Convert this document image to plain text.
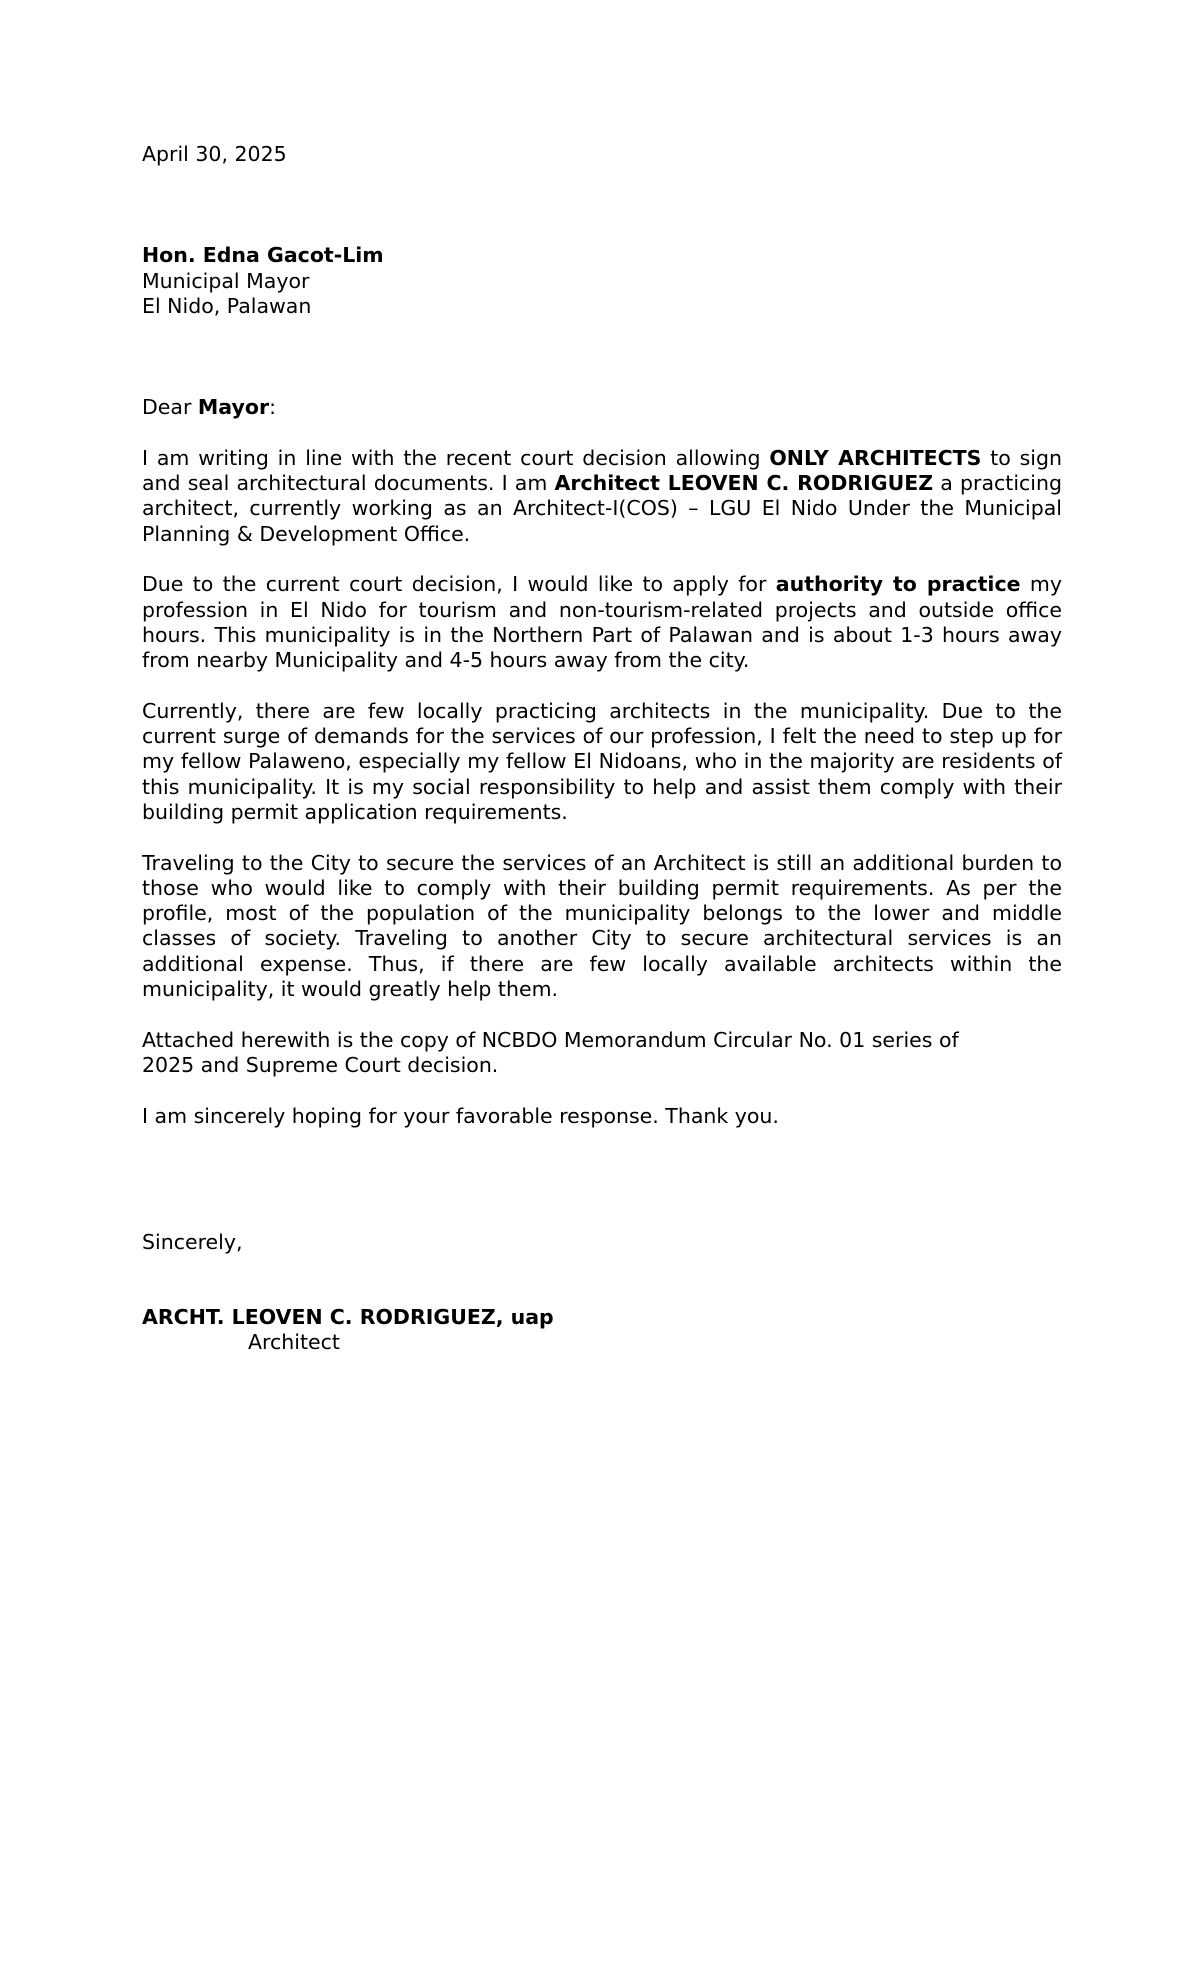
April 30, 2025
Hon. Edna Gacot-Lim
Municipal Mayor
El Nido, Palawan
Dear Mayor:

I am writing in line with the recent court decision allowing ONLY ARCHITECTS to sign and seal architectural documents. I am Architect LEOVEN C. RODRIGUEZ a practicing architect, currently working as an Architect-I(COS) – LGU El Nido Under the Municipal Planning & Development Office.

Due to the current court decision, I would like to apply for authority to practice my profession in El Nido for tourism and non-tourism-related projects and outside office hours. This municipality is in the Northern Part of Palawan and is about 1-3 hours away from nearby Municipality and 4-5 hours away from the city.

Currently, there are few locally practicing architects in the municipality. Due to the current surge of demands for the services of our profession, I felt the need to step up for my fellow Palaweno, especially my fellow El Nidoans, who in the majority are residents of this municipality. It is my social responsibility to help and assist them comply with their building permit application requirements.

Traveling to the City to secure the services of an Architect is still an additional burden to those who would like to comply with their building permit requirements. As per the profile, most of the population of the municipality belongs to the lower and middle classes of society. Traveling to another City to secure architectural services is an additional expense. Thus, if there are few locally available architects within the municipality, it would greatly help them.

Attached herewith is the copy of NCBDO Memorandum Circular No. 01 series of
2025 and Supreme Court decision.

I am sincerely hoping for your favorable response. Thank you.

Sincerely,
ARCHT. LEOVEN C. RODRIGUEZ, uap
Architect
